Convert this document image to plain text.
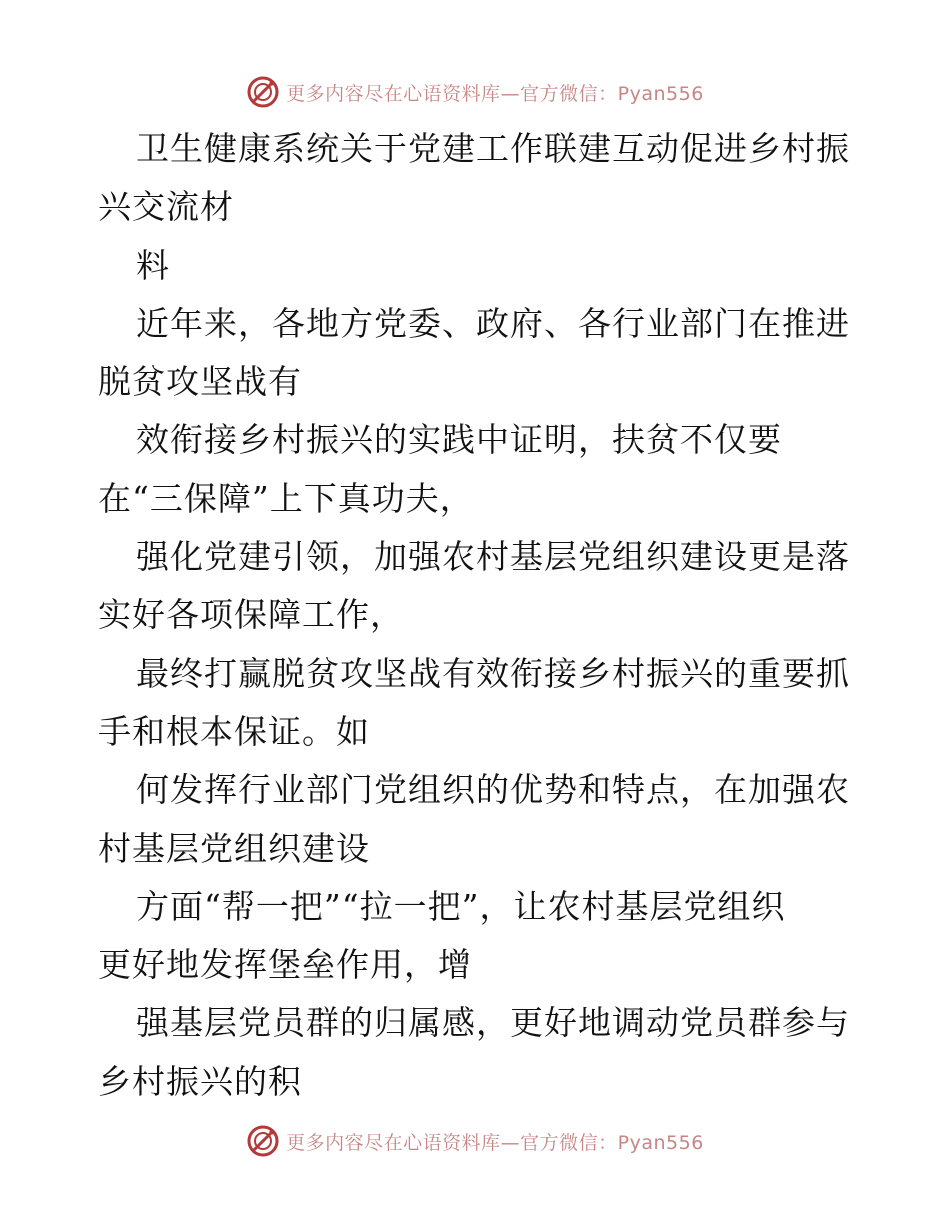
更多内容尽在心语资料库—官方微信：Pyan556
卫生健康系统关于党建工作联建互动促进乡村振
兴交流材
料
近年来，各地方党委、政府、各行业部门在推进
脱贫攻坚战有
效衔接乡村振兴的实践中证明，扶贫不仅要
在“三保障”上下真功夫，
强化党建引领，加强农村基层党组织建设更是落
实好各项保障工作，
最终打赢脱贫攻坚战有效衔接乡村振兴的重要抓
手和根本保证。如
何发挥行业部门党组织的优势和特点，在加强农
村基层党组织建设
方面“帮一把”“拉一把”，让农村基层党组织
更好地发挥堡垒作用，增
强基层党员群的归属感，更好地调动党员群参与
乡村振兴的积
更多内容尽在心语资料库—官方微信：Pyan556
